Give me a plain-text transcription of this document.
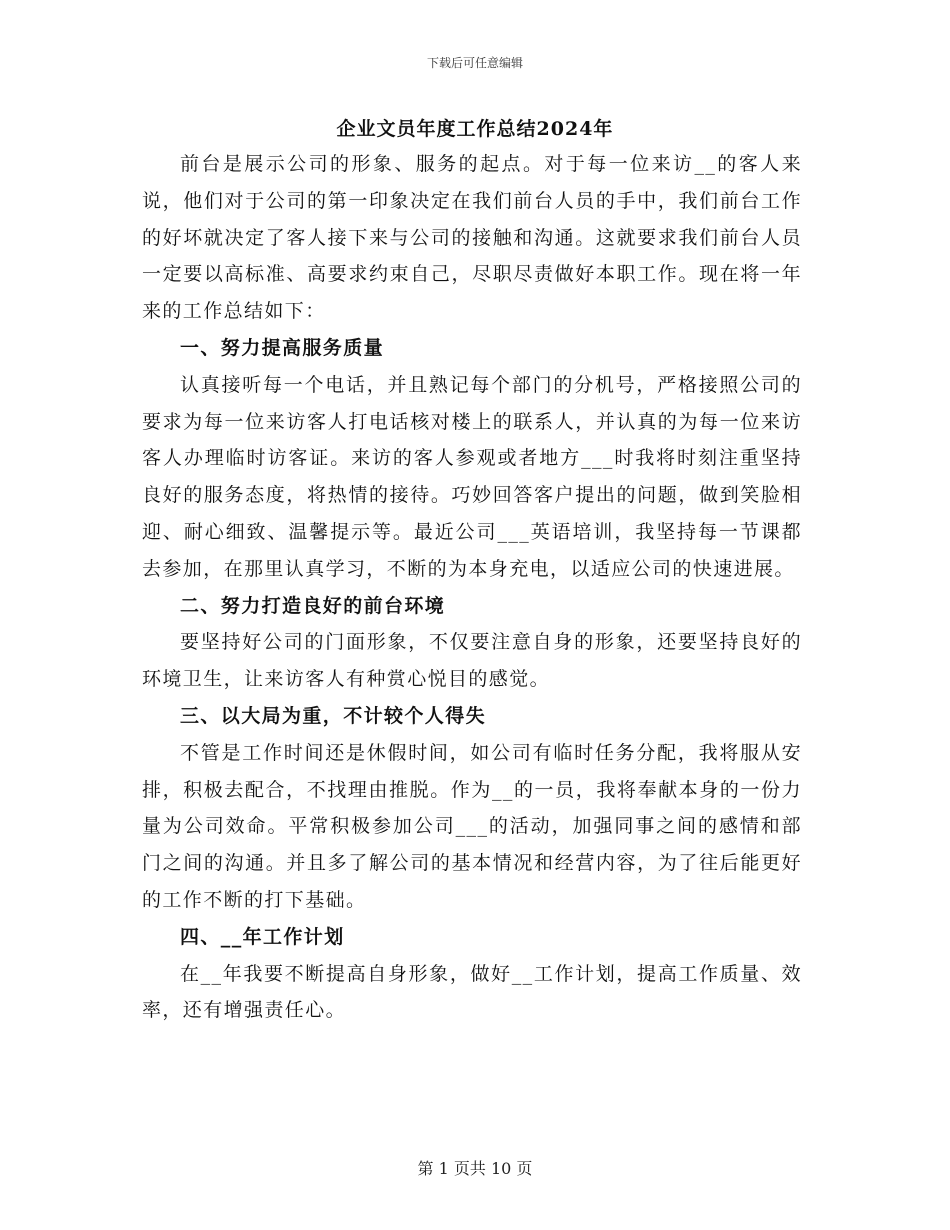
下载后可任意编辑
企业文员年度工作总结2024年

前台是展示公司的形象、服务的起点。对于每一位来访__的客人来说，他们对于公司的第一印象决定在我们前台人员的手中，我们前台工作的好坏就决定了客人接下来与公司的接触和沟通。这就要求我们前台人员一定要以高标准、高要求约束自己，尽职尽责做好本职工作。现在将一年来的工作总结如下：

一、努力提高服务质量

认真接听每一个电话，并且熟记每个部门的分机号，严格接照公司的要求为每一位来访客人打电话核对楼上的联系人，并认真的为每一位来访客人办理临时访客证。来访的客人参观或者地方___时我将时刻注重坚持良好的服务态度，将热情的接待。巧妙回答客户提出的问题，做到笑脸相迎、耐心细致、温馨提示等。最近公司___英语培训，我坚持每一节课都去参加，在那里认真学习，不断的为本身充电，以适应公司的快速进展。

二、努力打造良好的前台环境

要坚持好公司的门面形象，不仅要注意自身的形象，还要坚持良好的环境卫生，让来访客人有种赏心悦目的感觉。

三、以大局为重，不计较个人得失

不管是工作时间还是休假时间，如公司有临时任务分配，我将服从安排，积极去配合，不找理由推脱。作为__的一员，我将奉献本身的一份力量为公司效命。平常积极参加公司___的活动，加强同事之间的感情和部门之间的沟通。并且多了解公司的基本情况和经营内容，为了往后能更好的工作不断的打下基础。

四、__年工作计划

在__年我要不断提高自身形象，做好__工作计划，提高工作质量、效率，还有增强责任心。

第 1 页共 10 页
